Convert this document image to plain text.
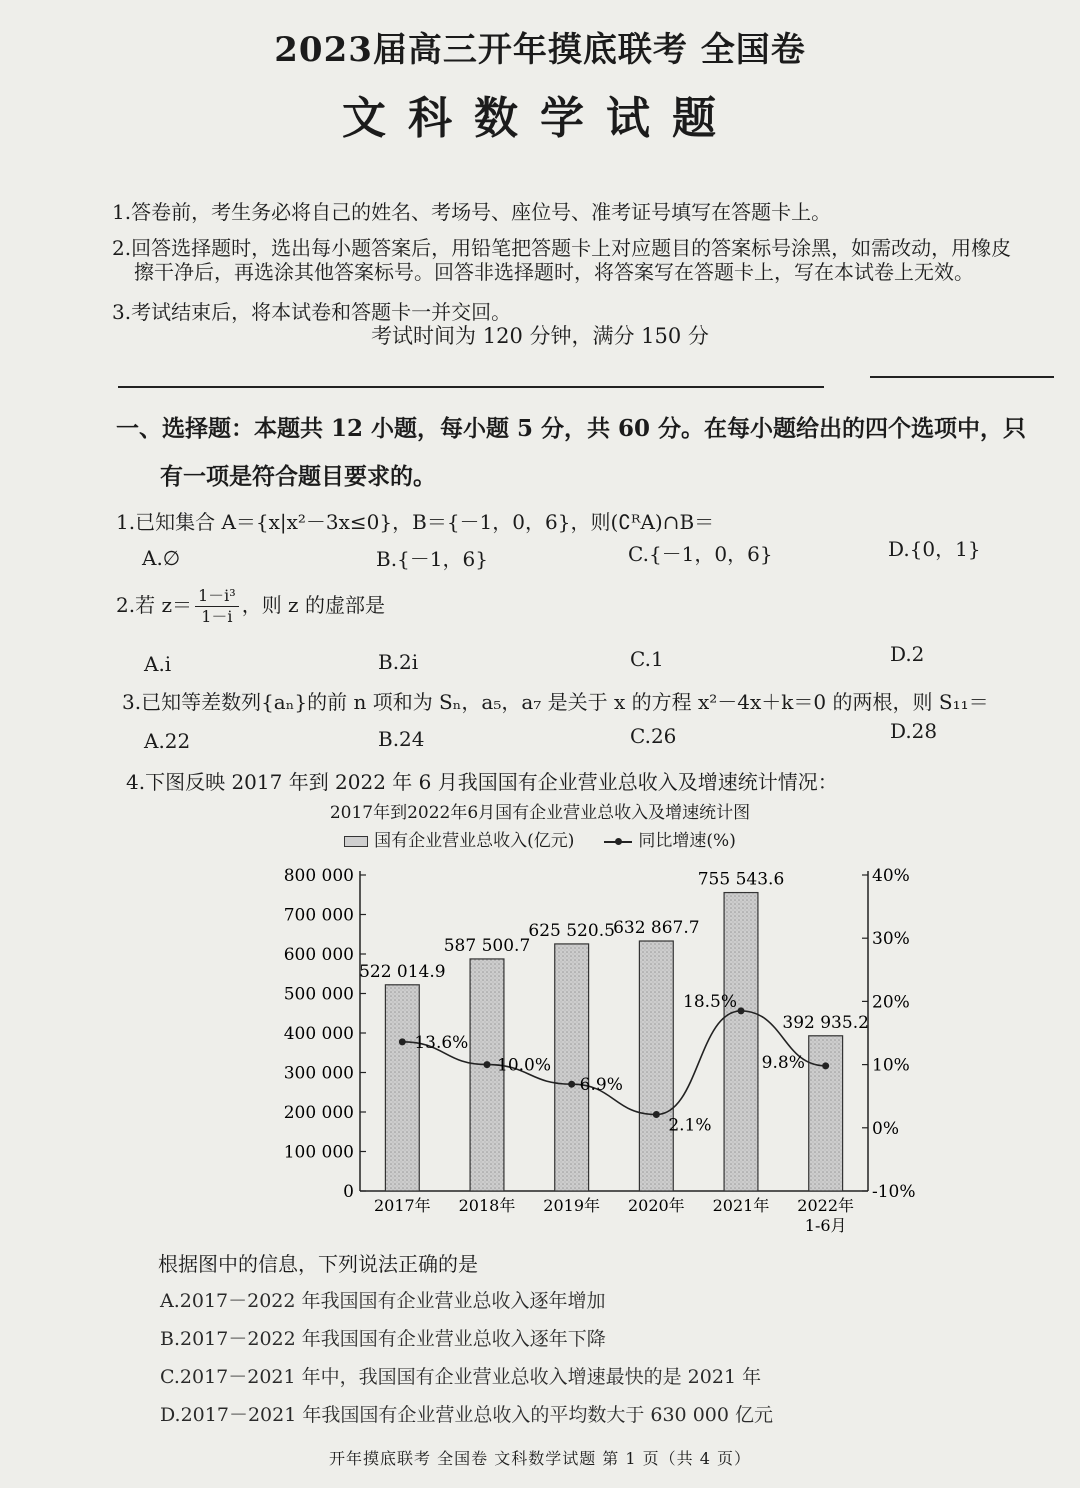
2023届高三开年摸底联考 全国卷
文科数学试题
1.答卷前，考生务必将自己的姓名、考场号、座位号、准考证号填写在答题卡上。
2.回答选择题时，选出每小题答案后，用铅笔把答题卡上对应题目的答案标号涂黑，如需改动，用橡皮
擦干净后，再选涂其他答案标号。回答非选择题时，将答案写在答题卡上，写在本试卷上无效。
3.考试结束后，将本试卷和答题卡一并交回。
考试时间为 120 分钟，满分 150 分
一、选择题：本题共 12 小题，每小题 5 分，共 60 分。在每小题给出的四个选项中，只
有一项是符合题目要求的。
1.已知集合 A＝{x|x²－3x≤0}，B＝{－1，0，6}，则(∁ᴿA)∩B＝
A.∅	B.{－1，6}	C.{－1，0，6}	D.{0，1}
2.若 $z= \frac{\text{1－i³}}{1-i}$ ，则 z 的虚部是
A.i	B.2i	C.1	D.2
3.已知等差数列{aₙ}的前 n 项和为 Sₙ，a₅，a₇ 是关于 x 的方程 x²－4x＋k＝0 的两根，则 S₁₁＝
A.22	B.24	C.26	D.28
4.下图反映 2017 年到 2022 年 6 月我国国有企业营业总收入及增速统计情况：
2017年到2022年6月国有企业营业总收入及增速统计图
国有企业营业总收入(亿元)	同比增速(%)
0
100 000
200 000
300 000
400 000
500 000
600 000
700 000
800 000
-10%
0%
10%
20%
30%
40%
2017年 2018年 2019年 2020年 2021年 2022年
1-6月
522 014.9
587 500.7
625 520.5
632 867.7
755 543.6
392 935.2
13.6%
10.0%
6.9%
2.1%
18.5%
9.8%
根据图中的信息，下列说法正确的是
A.2017－2022 年我国国有企业营业总收入逐年增加
B.2017－2022 年我国国有企业营业总收入逐年下降
C.2017－2021 年中，我国国有企业营业总收入增速最快的是 2021 年
D.2017－2021 年我国国有企业营业总收入的平均数大于 630 000 亿元
开年摸底联考 全国卷 文科数学试题 第 1 页（共 4 页）
